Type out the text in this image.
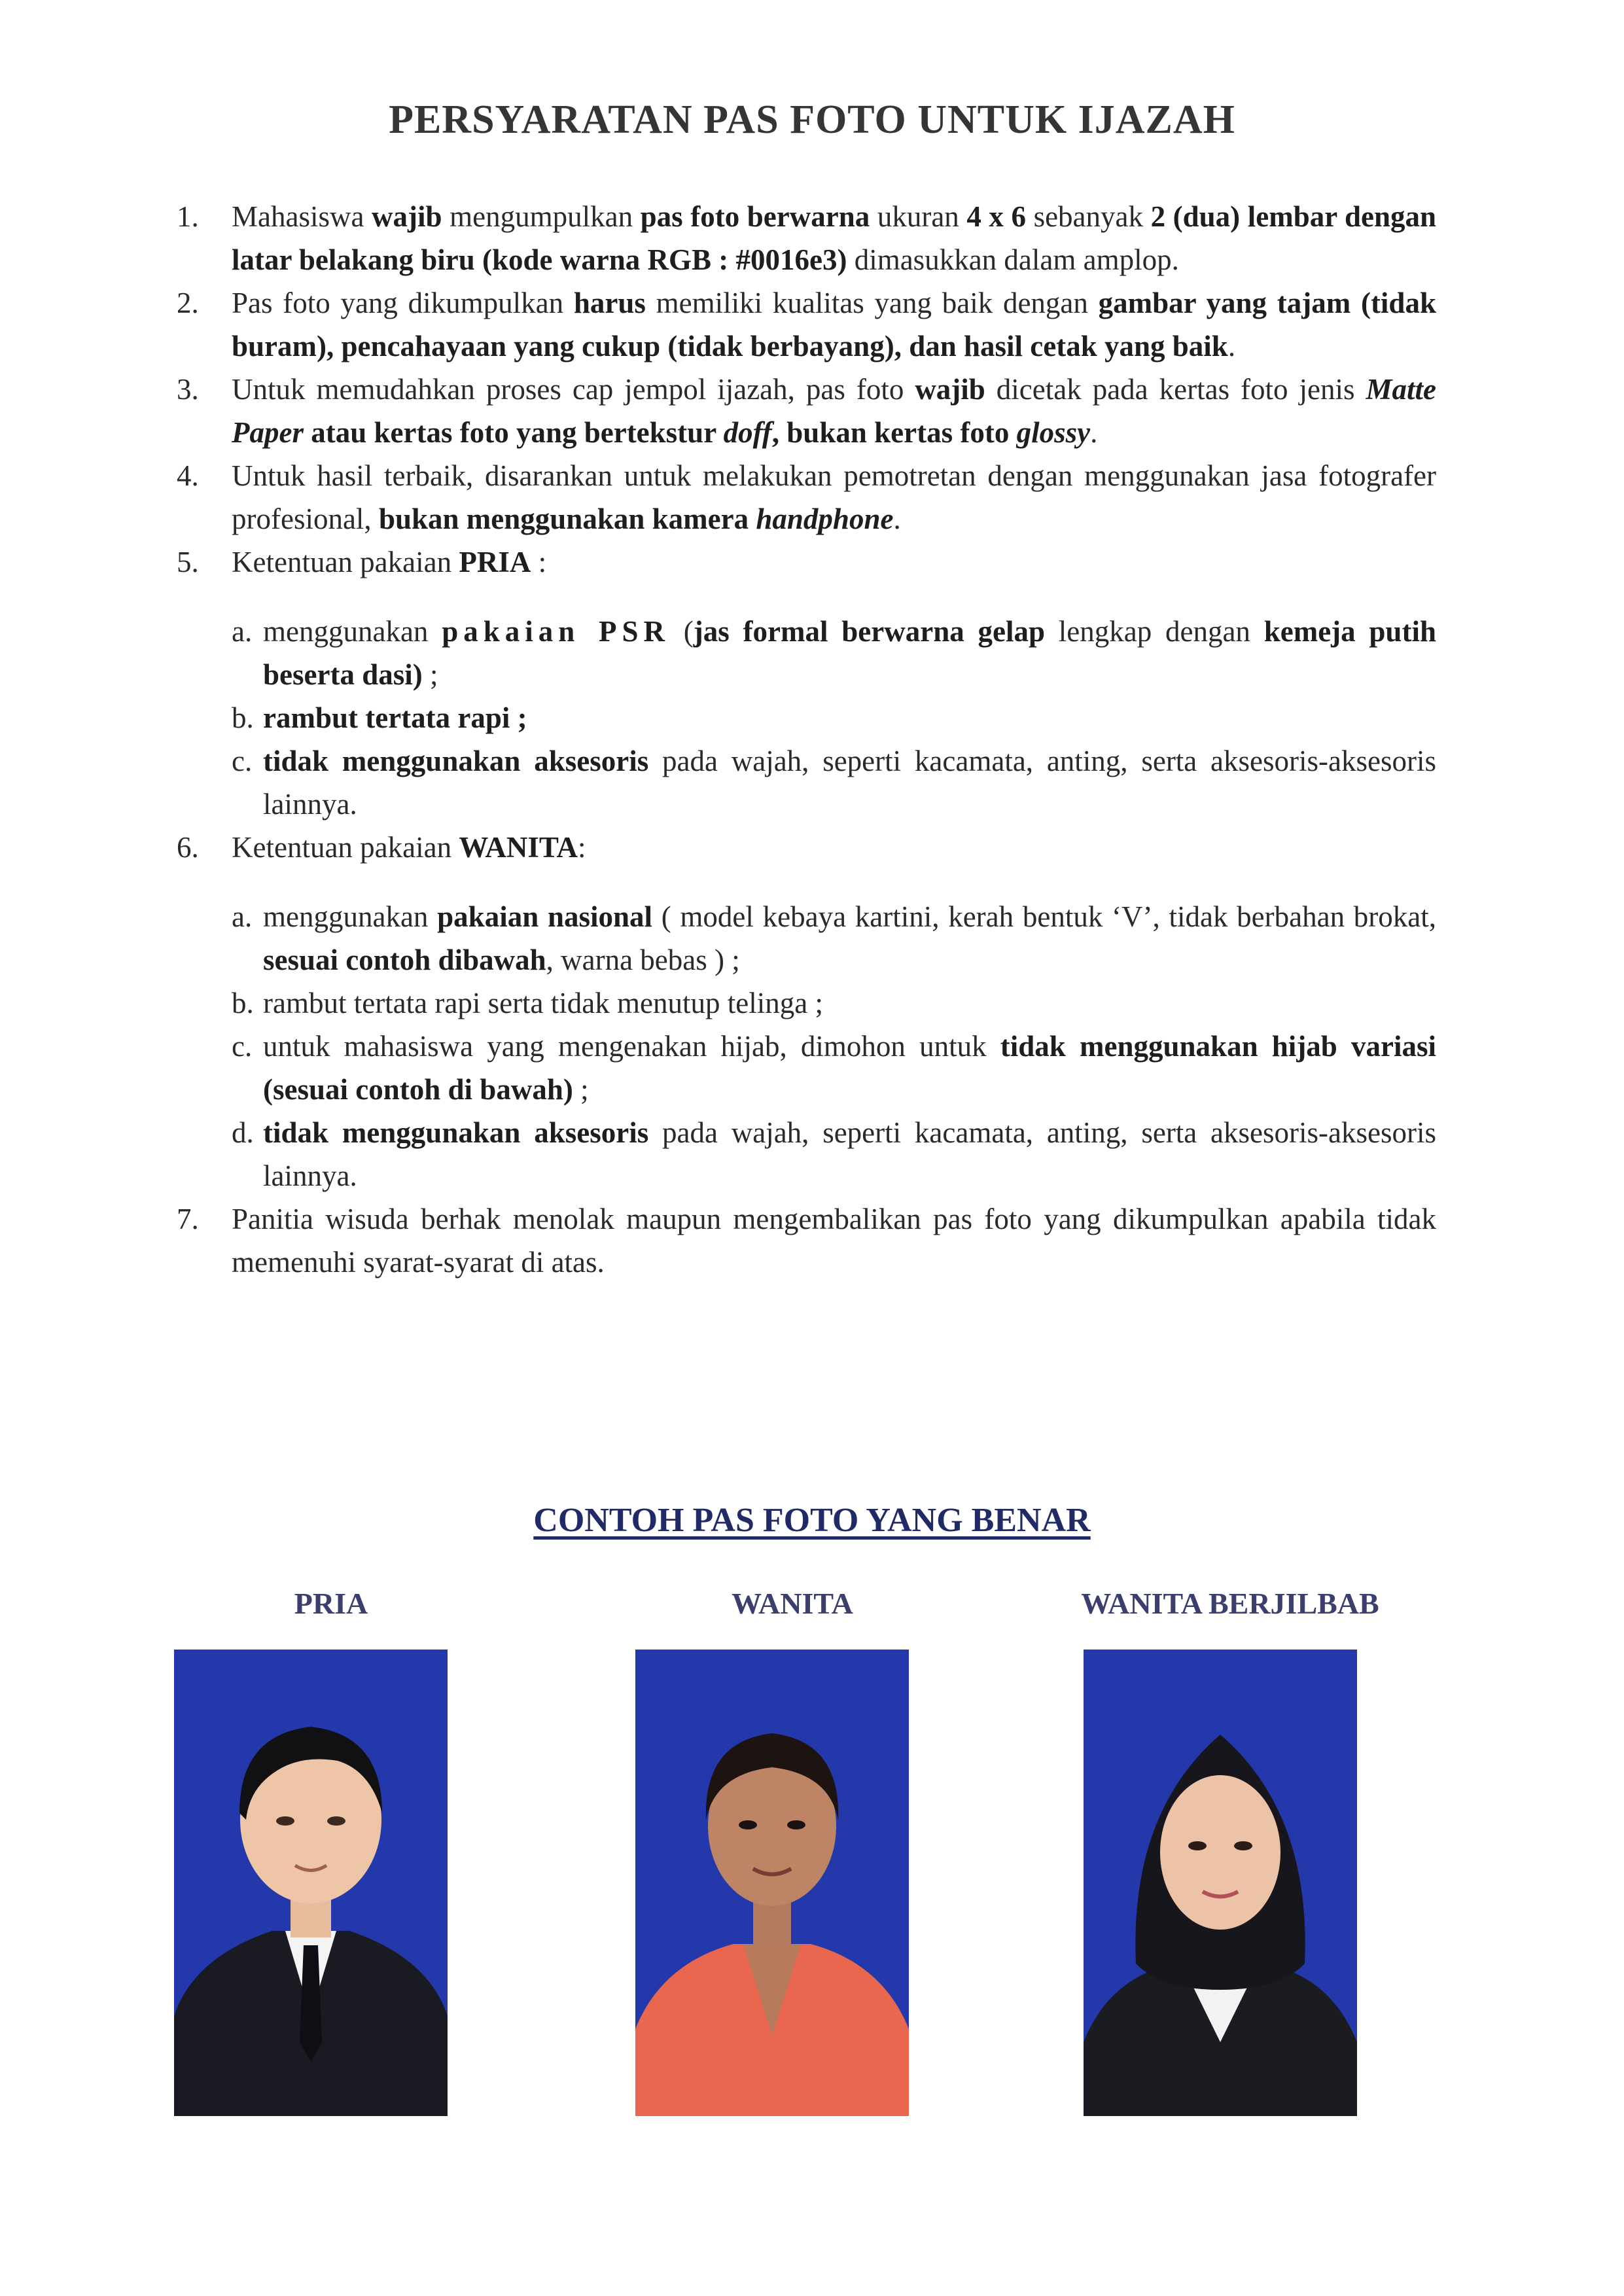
PERSYARATAN PAS FOTO UNTUK IJAZAH

1. Mahasiswa wajib mengumpulkan pas foto berwarna ukuran 4 x 6 sebanyak 2 (dua) lembar dengan latar belakang biru (kode warna RGB : #0016e3) dimasukkan dalam amplop.

2. Pas foto yang dikumpulkan harus memiliki kualitas yang baik dengan gambar yang tajam (tidak buram), pencahayaan yang cukup (tidak berbayang), dan hasil cetak yang baik.

3. Untuk memudahkan proses cap jempol ijazah, pas foto wajib dicetak pada kertas foto jenis Matte Paper atau kertas foto yang bertekstur doff, bukan kertas foto glossy.

4. Untuk hasil terbaik, disarankan untuk melakukan pemotretan dengan menggunakan jasa fotografer profesional, bukan menggunakan kamera handphone.

5. Ketentuan pakaian PRIA :

a. menggunakan pakaian PSR (jas formal berwarna gelap lengkap dengan kemeja putih beserta dasi) ;

b. rambut tertata rapi ;

c. tidak menggunakan aksesoris pada wajah, seperti kacamata, anting, serta aksesoris-aksesoris lainnya.

6. Ketentuan pakaian WANITA:

a. menggunakan pakaian nasional ( model kebaya kartini, kerah bentuk ‘V’, tidak berbahan brokat, sesuai contoh dibawah, warna bebas ) ;

b. rambut tertata rapi serta tidak menutup telinga ;

c. untuk mahasiswa yang mengenakan hijab, dimohon untuk tidak menggunakan hijab variasi (sesuai contoh di bawah) ;

d. tidak menggunakan aksesoris pada wajah, seperti kacamata, anting, serta aksesoris-aksesoris lainnya.

7. Panitia wisuda berhak menolak maupun mengembalikan pas foto yang dikumpulkan apabila tidak memenuhi syarat-syarat di atas.

CONTOH PAS FOTO YANG BENAR
PRIA	WANITA	WANITA BERJILBAB
